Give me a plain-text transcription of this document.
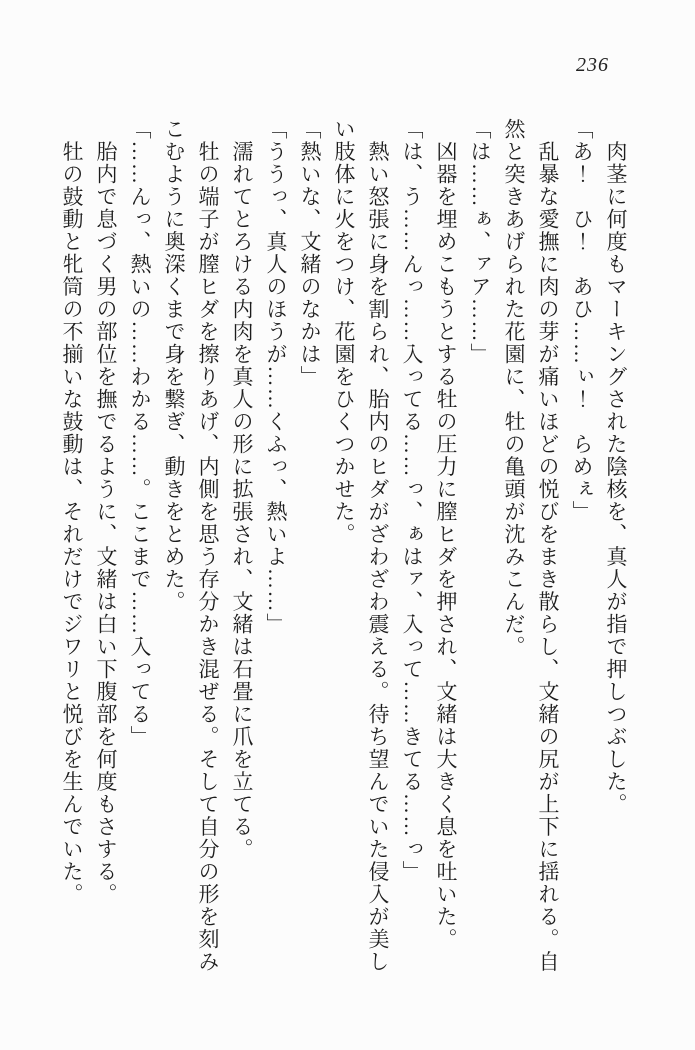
236

　肉茎に何度もマーキングされた陰核を、真人が指で押しつぶした。

「あ！　ひ！　あひ……ぃ！　らめぇ」

　乱暴な愛撫に肉の芽が痛いほどの悦びをまき散らし、文緒の尻が上下に揺れる。自然と突きあげられた花園に、牡の亀頭が沈みこんだ。

「は……ぁ、ァア……」

　凶器を埋めこもうとする牡の圧力に膣ヒダを押され、文緒は大きく息を吐いた。

「は、う……んっ……入ってる……っ、ぁはァ、入って……きてる……っ」

　熱い怒張に身を割られ、胎内のヒダがざわざわ震える。待ち望んでいた侵入が美しい肢体に火をつけ、花園をひくつかせた。

「熱いな、文緒のなかは」

「ううっ、真人のほうが……くふっ、熱いよ……」

　濡れてとろける内肉を真人の形に拡張され、文緒は石畳に爪を立てる。

　牡の端子が膣ヒダを擦りあげ、内側を思う存分かき混ぜる。そして自分の形を刻みこむように奥深くまで身を繋ぎ、動きをとめた。

「……んっ、熱いの……わかる……。ここまで……入ってる」

　胎内で息づく男の部位を撫でるように、文緒は白い下腹部を何度もさする。

　牡の鼓動と牝筒の不揃いな鼓動は、それだけでジワリと悦びを生んでいた。
